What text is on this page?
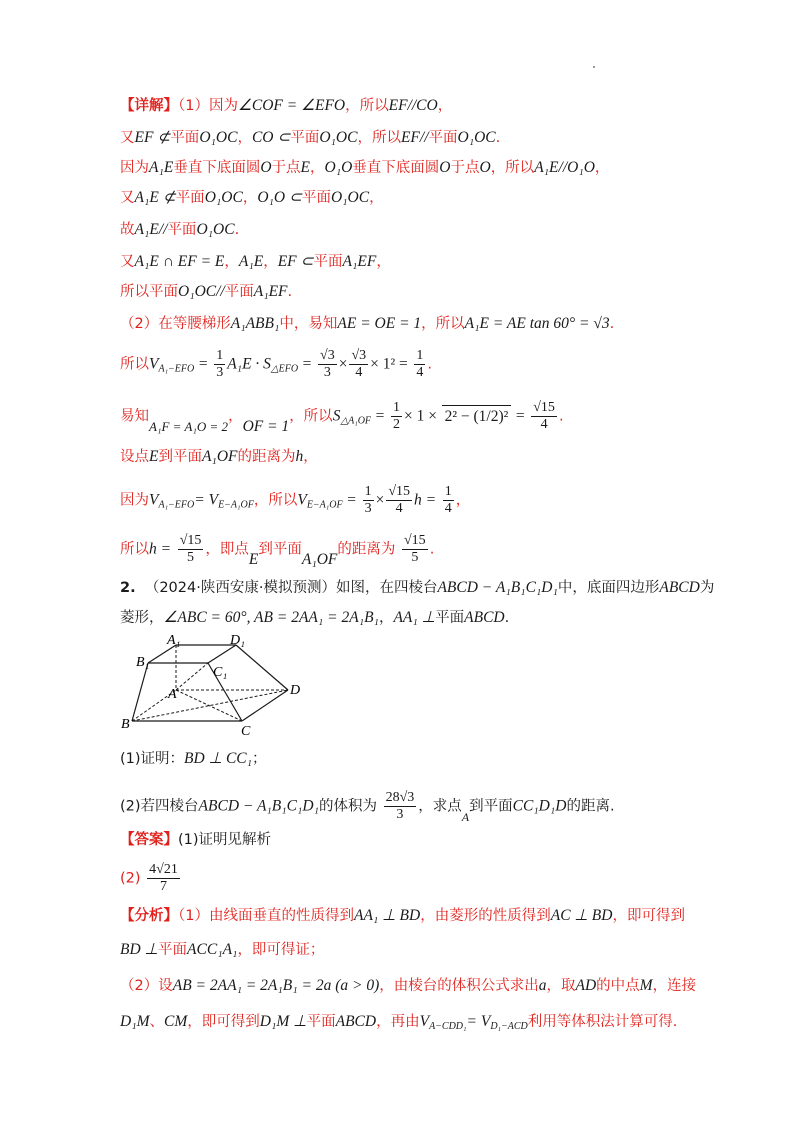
【详解】（1）因为∠COF = ∠EFO，所以EF//CO，
又EF ⊄平面O₁OC，CO ⊂平面O₁OC，所以EF//平面O₁OC.
因为A₁E垂直下底面圆O于点E，O₁O垂直下底面圆O于点O，所以A₁E//O₁O，
又A₁E ⊄平面O₁OC，O₁O ⊂平面O₁OC，
故A₁E//平面O₁OC.
又A₁E ∩ EF = E，A₁E，EF ⊂平面A₁EF，
所以平面O₁OC//平面A₁EF.
（2）在等腰梯形A₁ABB₁中，易知AE = OE = 1，所以A₁E = AE tan 60° = √3.
所以$V_{A_1-EFO} = \frac{1}{3} A_1E \cdot S_{\triangle EFO} = \frac{√3}{3} \times \frac{√3}{4} \times 1^2 = \frac{1}{4}$ .
易知A₁F = A₁O = 2，OF = 1，所以$S_{\triangle A_1OF} = \frac{1}{2} \times 1 \times 2^2 - (1/2)^2 = \frac{√15}{4}$ .
设点E到平面A₁OF的距离为h，
因为$V_{A_1-EFO}= V_{E-A_1OF}$，所以$V_{E-A_1OF} = \frac{1}{3} \times \frac{√15}{4}$ $h = \frac{1}{4}$ ，
所以$h = \frac{√15}{5}$ ，即点E到平面A₁OF的距离为 $\frac{√15}{5}$ .
2. （2024·陕西安康·模拟预测）如图，在四棱台ABCD − A₁B₁C₁D₁中，底面四边形ABCD为
菱形，∠ABC = 60°, AB = 2AA₁ = 2A₁B₁，AA₁ ⊥平面ABCD.
A₁	D₁
B₁
C₁
A	D
B	C
(1)证明：BD ⊥ CC₁；
(2)若四棱台ABCD − A₁B₁C₁D₁的体积为 $\frac{28√3}{3}$ ，求点$_A$到平面CC₁D₁D的距离.
【答案】(1)证明见解析
$(2) \frac{4√21}{7}$
【分析】（1）由线面垂直的性质得到AA₁ ⊥ BD，由菱形的性质得到AC ⊥ BD，即可得到
BD ⊥平面ACC₁A₁，即可得证；
（2）设AB = 2AA₁ = 2A₁B₁ = 2a (a > 0)，由棱台的体积公式求出a，取AD的中点M，连接
D₁M、CM，即可得到D₁M ⊥平面ABCD，再由$V_{A-CDD_1}= V_{D_1-ACD}$利用等体积法计算可得.
